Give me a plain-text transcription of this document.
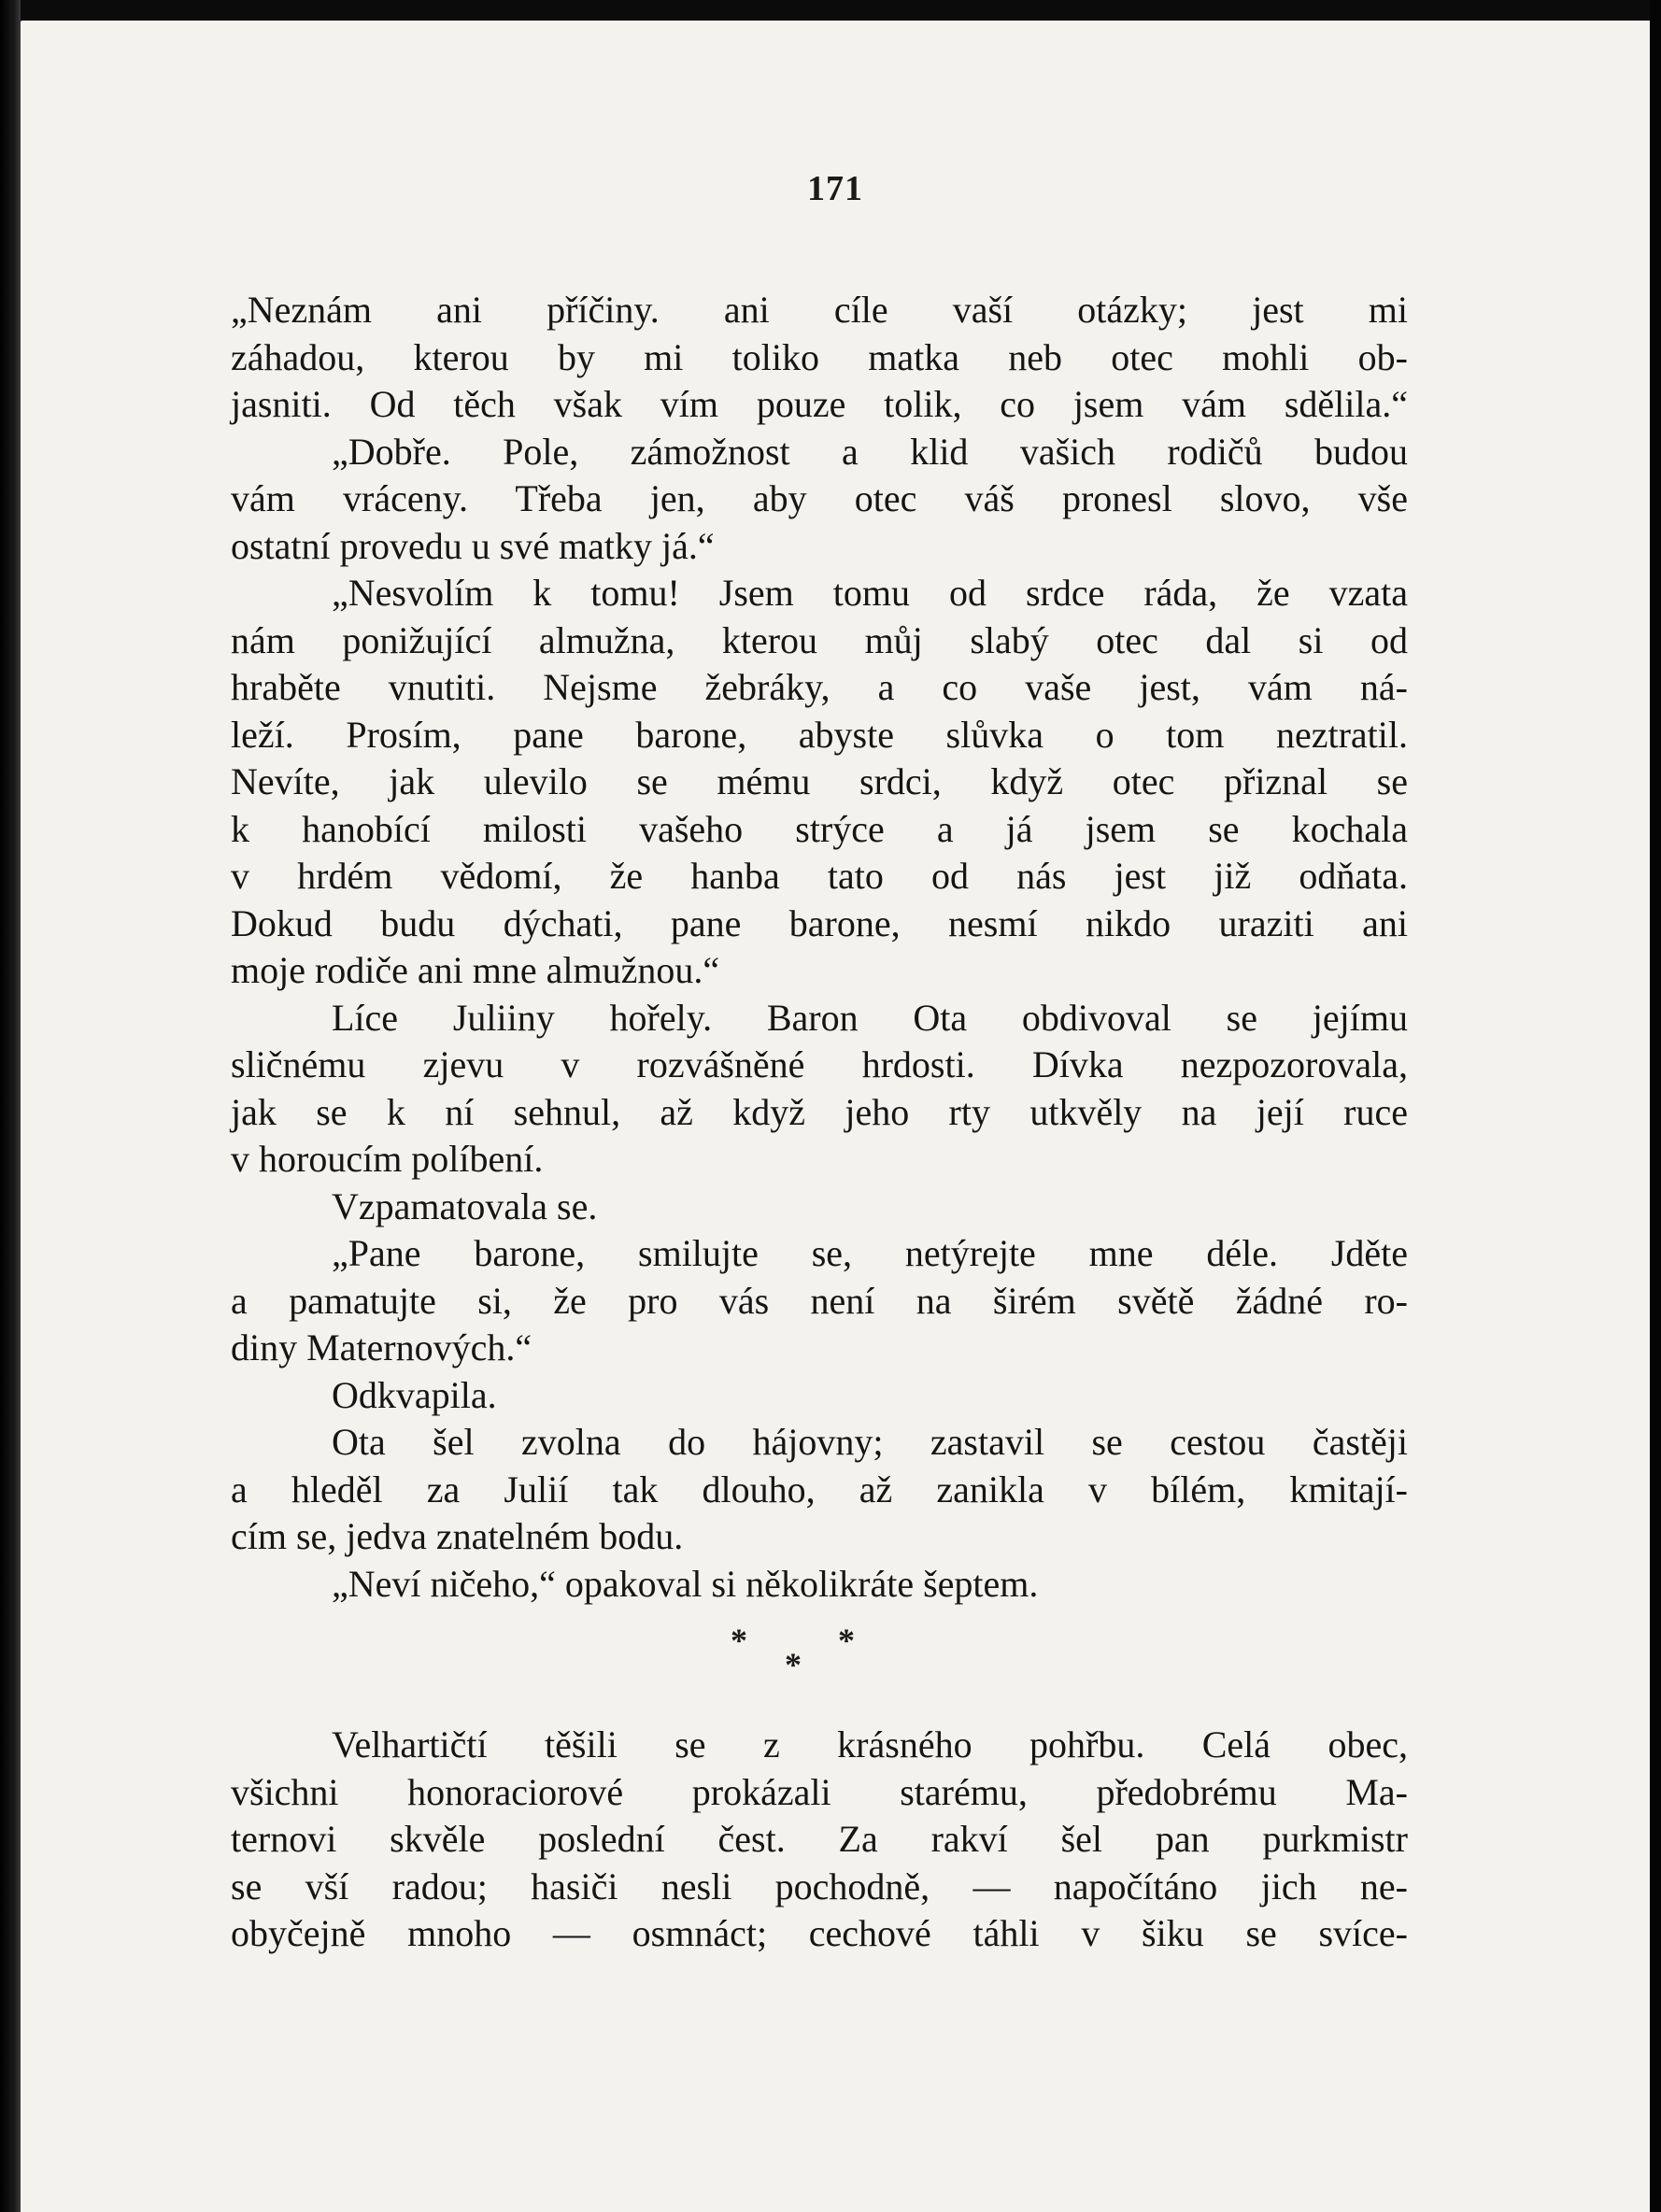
171
„Neznám ani příčiny. ani cíle vaší otázky; jest mi
záhadou, kterou by mi toliko matka neb otec mohli ob-
jasniti. Od těch však vím pouze tolik, co jsem vám sdělila.“
„Dobře. Pole, zámožnost a klid vašich rodičů budou
vám vráceny. Třeba jen, aby otec váš pronesl slovo, vše
ostatní provedu u své matky já.“
„Nesvolím k tomu! Jsem tomu od srdce ráda, že vzata
nám ponižující almužna, kterou můj slabý otec dal si od
hraběte vnutiti. Nejsme žebráky, a co vaše jest, vám ná-
leží. Prosím, pane barone, abyste slůvka o tom neztratil.
Nevíte, jak ulevilo se mému srdci, když otec přiznal se
k hanobící milosti vašeho strýce a já jsem se kochala
v hrdém vědomí, že hanba tato od nás jest již odňata.
Dokud budu dýchati, pane barone, nesmí nikdo uraziti ani
moje rodiče ani mne almužnou.“
Líce Juliiny hořely. Baron Ota obdivoval se jejímu
sličnému zjevu v rozvášněné hrdosti. Dívka nezpozorovala,
jak se k ní sehnul, až když jeho rty utkvěly na její ruce
v horoucím políbení.
Vzpamatovala se.
„Pane barone, smilujte se, netýrejte mne déle. Jděte
a pamatujte si, že pro vás není na širém světě žádné ro-
diny Maternových.“
Odkvapila.
Ota šel zvolna do hájovny; zastavil se cestou častěji
a hleděl za Julií tak dlouho, až zanikla v bílém, kmitají-
cím se, jedva znatelném bodu.
„Neví ničeho,“ opakoval si několikráte šeptem.
*
*
*
Velhartičtí těšili se z krásného pohřbu. Celá obec,
všichni honoraciorové prokázali starému, předobrému Ma-
ternovi skvěle poslední čest. Za rakví šel pan purkmistr
se vší radou; hasiči nesli pochodně, — napočítáno jich ne-
obyčejně mnoho — osmnáct; cechové táhli v šiku se svíce-
